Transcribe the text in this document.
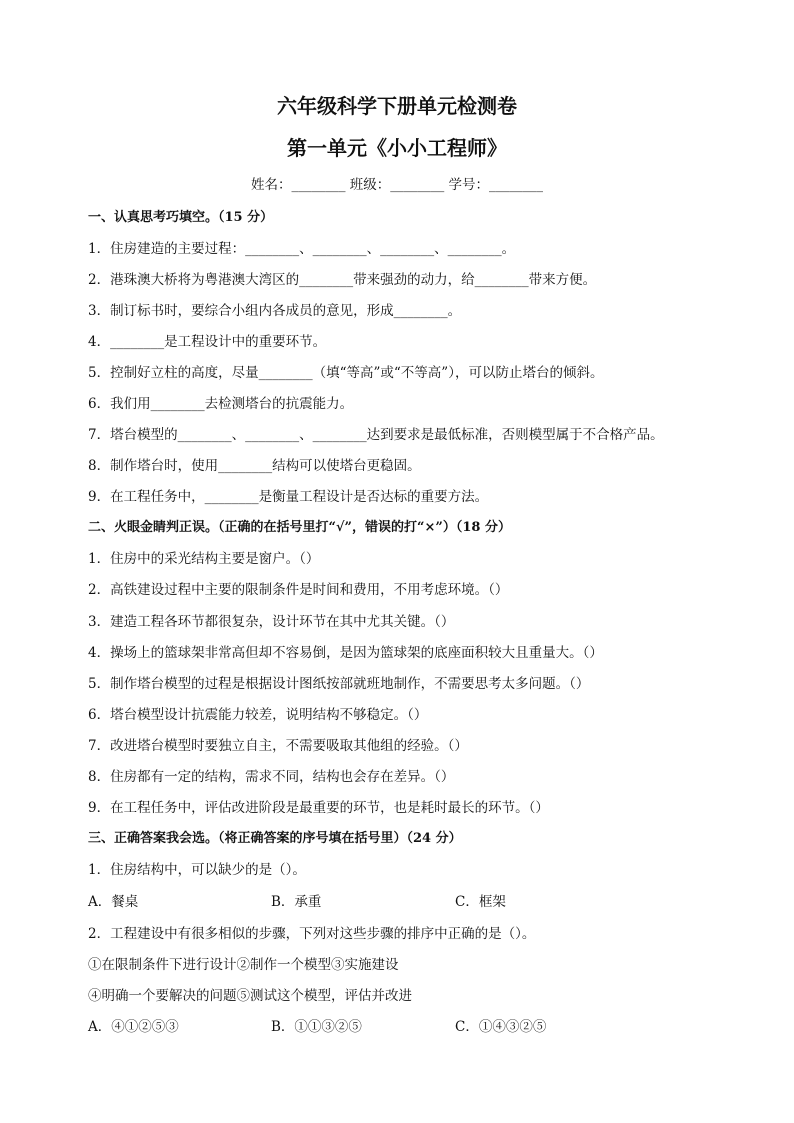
六年级科学下册单元检测卷
第一单元《小小工程师》
姓名：________ 班级：________ 学号：________
一、认真思考巧填空。（15 分）
1．住房建造的主要过程：________、________、________、________。
2．港珠澳大桥将为粤港澳大湾区的________带来强劲的动力，给________带来方便。
3．制订标书时，要综合小组内各成员的意见，形成________。
4．________是工程设计中的重要环节。
5．控制好立柱的高度，尽量________（填“等高”或“不等高”），可以防止塔台的倾斜。
6．我们用________去检测塔台的抗震能力。
7．塔台模型的________、________、________达到要求是最低标准，否则模型属于不合格产品。
8．制作塔台时，使用________结构可以使塔台更稳固。
9．在工程任务中，________是衡量工程设计是否达标的重要方法。
二、火眼金睛判正误。（正确的在括号里打“√”，错误的打“×”）（18 分）
1．住房中的采光结构主要是窗户。（）
2．高铁建设过程中主要的限制条件是时间和费用，不用考虑环境。（）
3．建造工程各环节都很复杂，设计环节在其中尤其关键。（）
4．操场上的篮球架非常高但却不容易倒，是因为篮球架的底座面积较大且重量大。（）
5．制作塔台模型的过程是根据设计图纸按部就班地制作，不需要思考太多问题。（）
6．塔台模型设计抗震能力较差，说明结构不够稳定。（）
7．改进塔台模型时要独立自主，不需要吸取其他组的经验。（）
8．住房都有一定的结构，需求不同，结构也会存在差异。（）
9．在工程任务中，评估改进阶段是最重要的环节，也是耗时最长的环节。（）
三、正确答案我会选。（将正确答案的序号填在括号里）（24 分）
1．住房结构中，可以缺少的是（）。
A．餐桌	B．承重	C．框架
2．工程建设中有很多相似的步骤，下列对这些步骤的排序中正确的是（）。
①在限制条件下进行设计②制作一个模型③实施建设
④明确一个要解决的问题⑤测试这个模型，评估并改进
A．④①②⑤③	B．①①③②⑤	C．①④③②⑤
